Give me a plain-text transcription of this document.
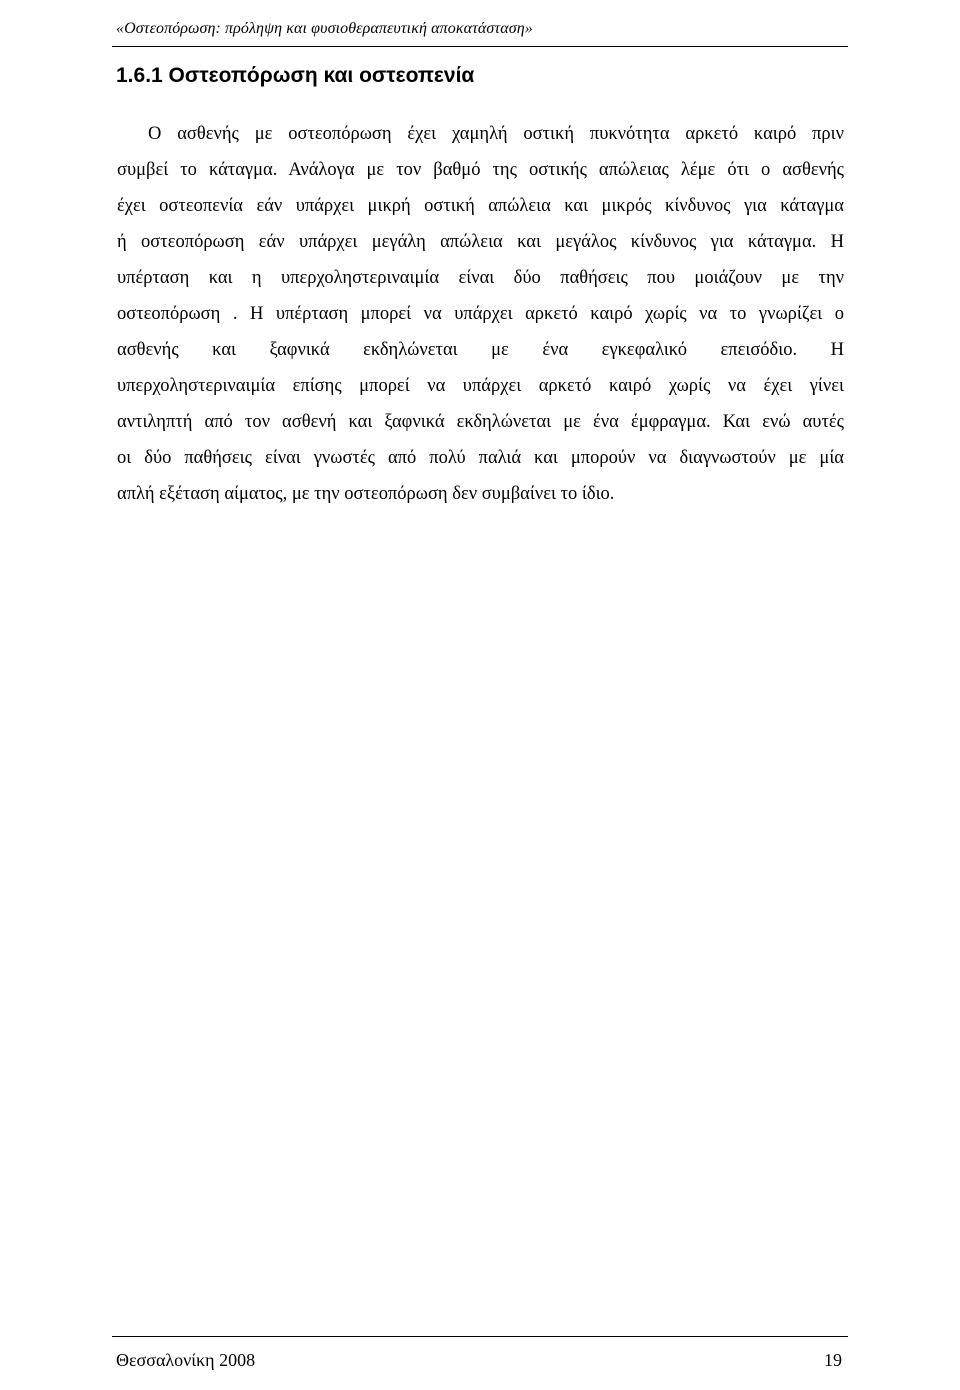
«Οστεοπόρωση: πρόληψη και φυσιοθεραπευτική αποκατάσταση»
1.6.1 Οστεοπόρωση και οστεοπενία
Ο ασθενής με οστεοπόρωση έχει χαμηλή οστική πυκνότητα αρκετό καιρό πριν
συμβεί το κάταγμα. Ανάλογα με τον βαθμό της οστικής απώλειας λέμε ότι ο ασθενής
έχει οστεοπενία εάν υπάρχει μικρή οστική απώλεια και μικρός κίνδυνος για κάταγμα
ή οστεοπόρωση εάν υπάρχει μεγάλη απώλεια και μεγάλος κίνδυνος για κάταγμα. Η
υπέρταση και η υπερχοληστεριναιμία είναι δύο παθήσεις που μοιάζουν με την
οστεοπόρωση . Η υπέρταση μπορεί να υπάρχει αρκετό καιρό χωρίς να το γνωρίζει ο
ασθενής και ξαφνικά εκδηλώνεται με ένα εγκεφαλικό επεισόδιο. Η
υπερχοληστεριναιμία επίσης μπορεί να υπάρχει αρκετό καιρό χωρίς να έχει γίνει
αντιληπτή από τον ασθενή και ξαφνικά εκδηλώνεται με ένα έμφραγμα. Και ενώ αυτές
οι δύο παθήσεις είναι γνωστές από πολύ παλιά και μπορούν να διαγνωστούν με μία
απλή εξέταση αίματος, με την οστεοπόρωση δεν συμβαίνει το ίδιο.
Θεσσαλονίκη 2008	19
